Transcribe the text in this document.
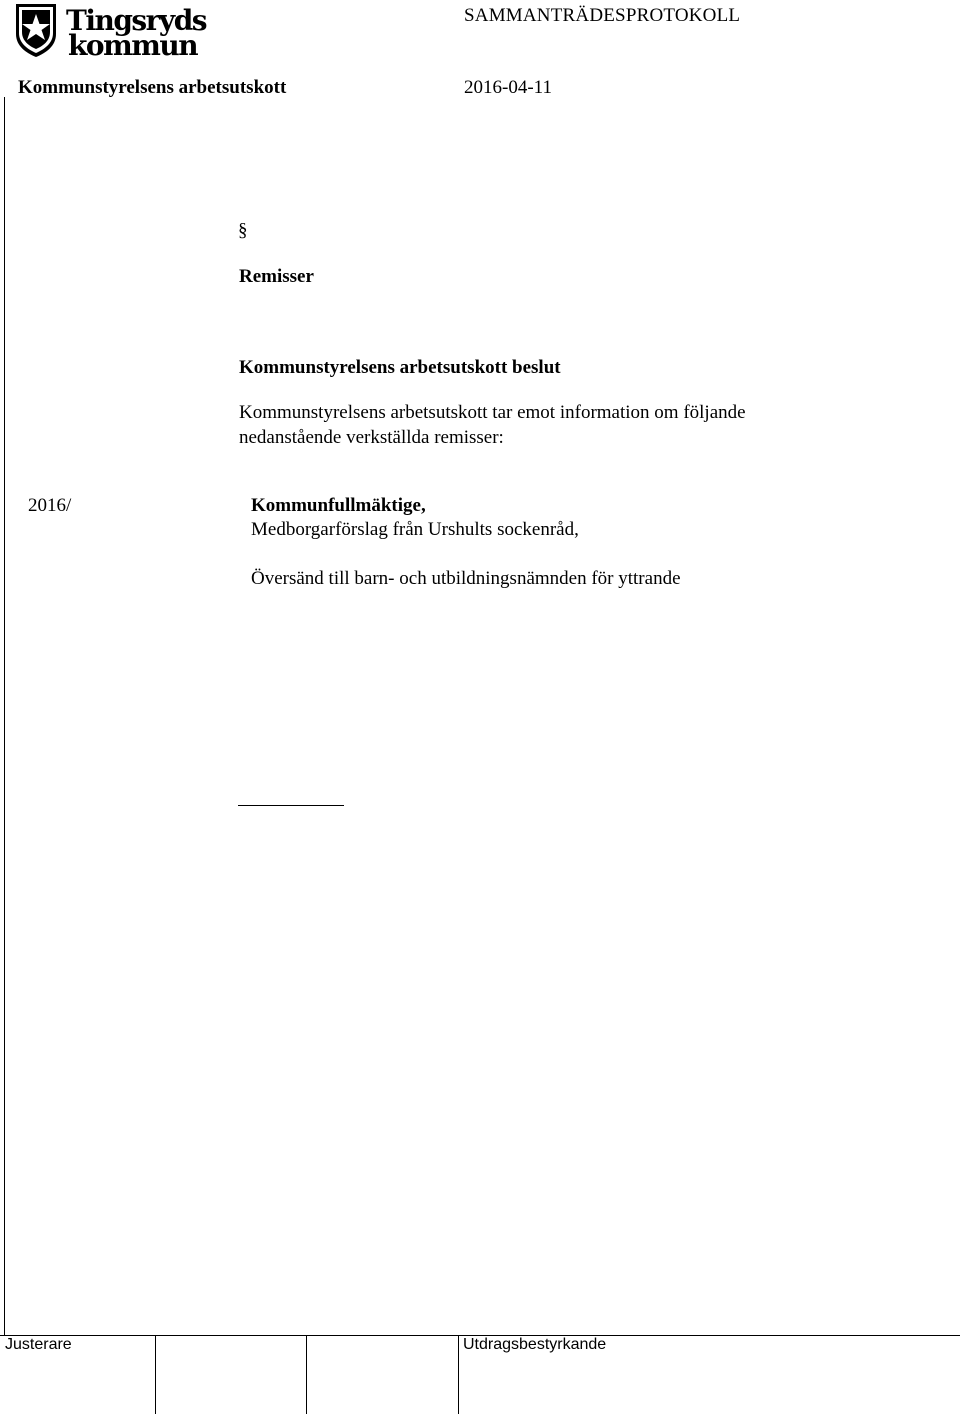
Tingsryds
kommun
SAMMANTRÄDESPROTOKOLL
Kommunstyrelsens arbetsutskott	2016-04-11
§
Remisser
Kommunstyrelsens arbetsutskott beslut
Kommunstyrelsens arbetsutskott tar emot information om följande
nedanstående verkställda remisser:
2016/	Kommunfullmäktige,
Medborgarförslag från Urshults sockenråd,
Översänd till barn- och utbildningsnämnden för yttrande
Justerare	Utdragsbestyrkande
